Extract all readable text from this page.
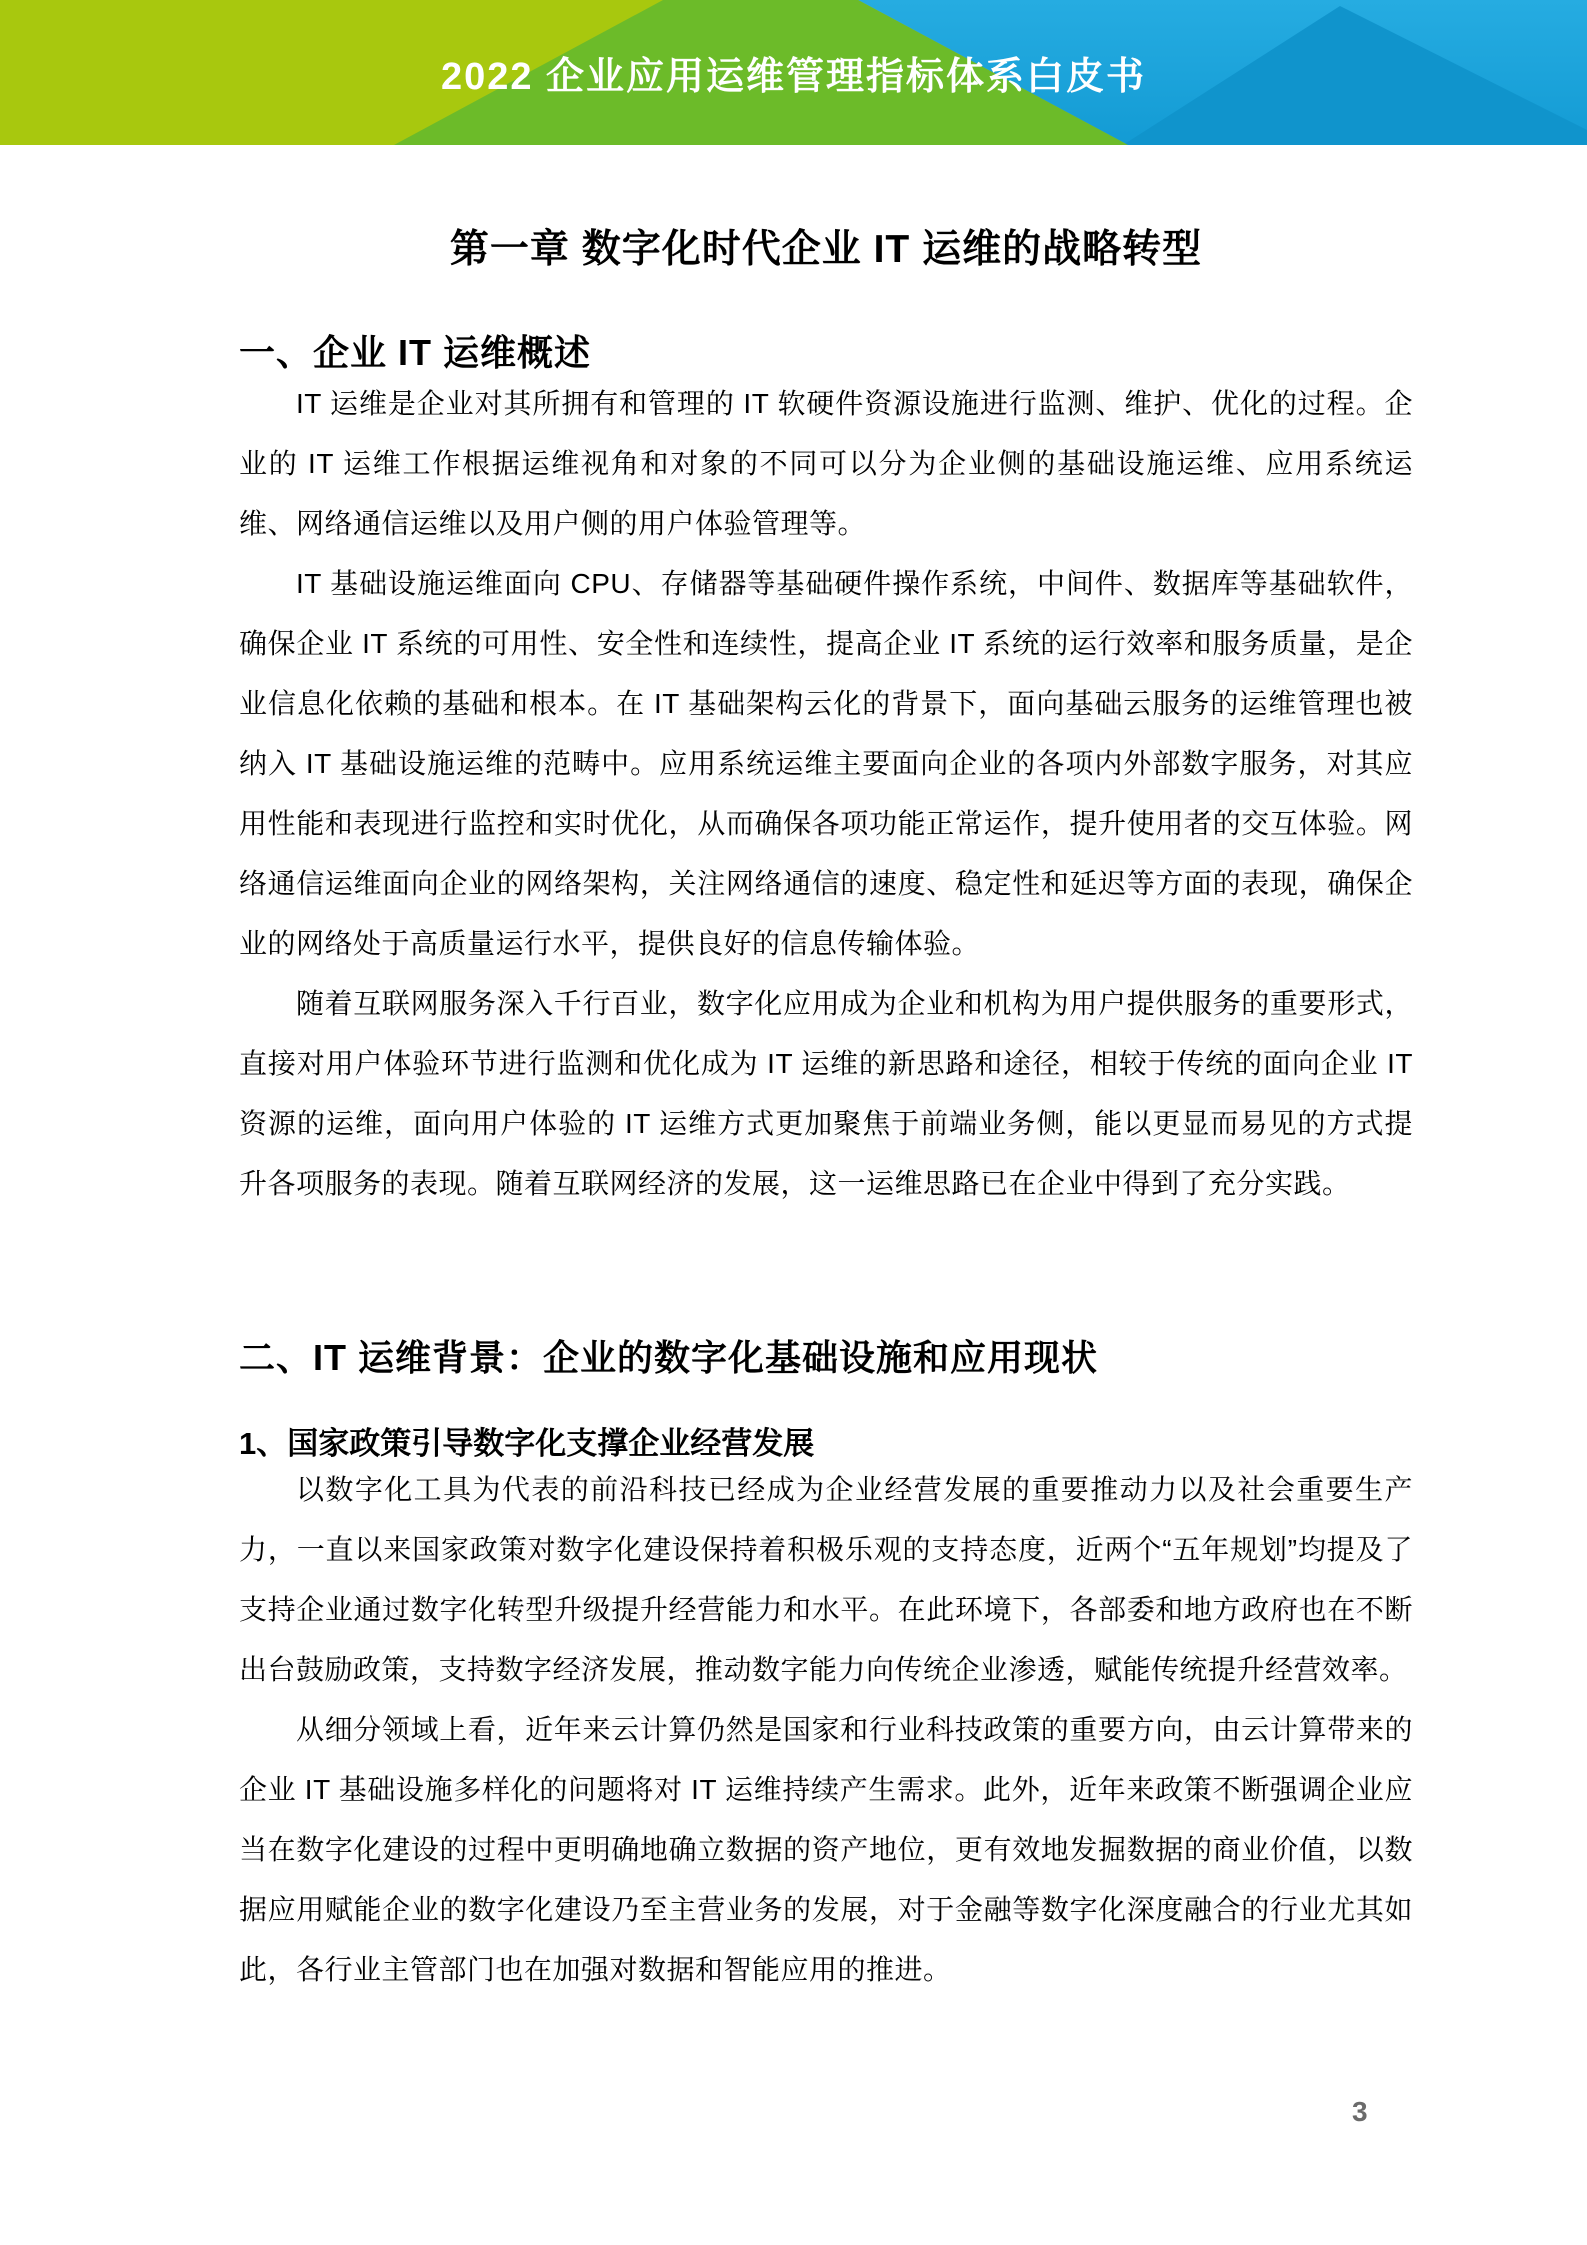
2022 企业应用运维管理指标体系白皮书
第一章 数字化时代企业 IT 运维的战略转型
一、企业 IT 运维概述

IT 运维是企业对其所拥有和管理的 IT 软硬件资源设施进行监测、维护、优化的过程。企业的 IT 运维工作根据运维视角和对象的不同可以分为企业侧的基础设施运维、应用系统运维、网络通信运维以及用户侧的用户体验管理等。

IT 基础设施运维面向 CPU、存储器等基础硬件操作系统，中间件、数据库等基础软件，确保企业 IT 系统的可用性、安全性和连续性，提高企业 IT 系统的运行效率和服务质量，是企业信息化依赖的基础和根本。在 IT 基础架构云化的背景下，面向基础云服务的运维管理也被纳入 IT 基础设施运维的范畴中。应用系统运维主要面向企业的各项内外部数字服务，对其应用性能和表现进行监控和实时优化，从而确保各项功能正常运作，提升使用者的交互体验。网络通信运维面向企业的网络架构，关注网络通信的速度、稳定性和延迟等方面的表现，确保企业的网络处于高质量运行水平，提供良好的信息传输体验。

随着互联网服务深入千行百业，数字化应用成为企业和机构为用户提供服务的重要形式，直接对用户体验环节进行监测和优化成为 IT 运维的新思路和途径，相较于传统的面向企业 IT 资源的运维，面向用户体验的 IT 运维方式更加聚焦于前端业务侧，能以更显而易见的方式提升各项服务的表现。随着互联网经济的发展，这一运维思路已在企业中得到了充分实践。

二、IT 运维背景：企业的数字化基础设施和应用现状
1、国家政策引导数字化支撑企业经营发展

以数字化工具为代表的前沿科技已经成为企业经营发展的重要推动力以及社会重要生产力，一直以来国家政策对数字化建设保持着积极乐观的支持态度，近两个“五年规划”均提及了支持企业通过数字化转型升级提升经营能力和水平。在此环境下，各部委和地方政府也在不断出台鼓励政策，支持数字经济发展，推动数字能力向传统企业渗透，赋能传统提升经营效率。

从细分领域上看，近年来云计算仍然是国家和行业科技政策的重要方向，由云计算带来的企业 IT 基础设施多样化的问题将对 IT 运维持续产生需求。此外，近年来政策不断强调企业应当在数字化建设的过程中更明确地确立数据的资产地位，更有效地发掘数据的商业价值，以数据应用赋能企业的数字化建设乃至主营业务的发展，对于金融等数字化深度融合的行业尤其如此，各行业主管部门也在加强对数据和智能应用的推进。

3
